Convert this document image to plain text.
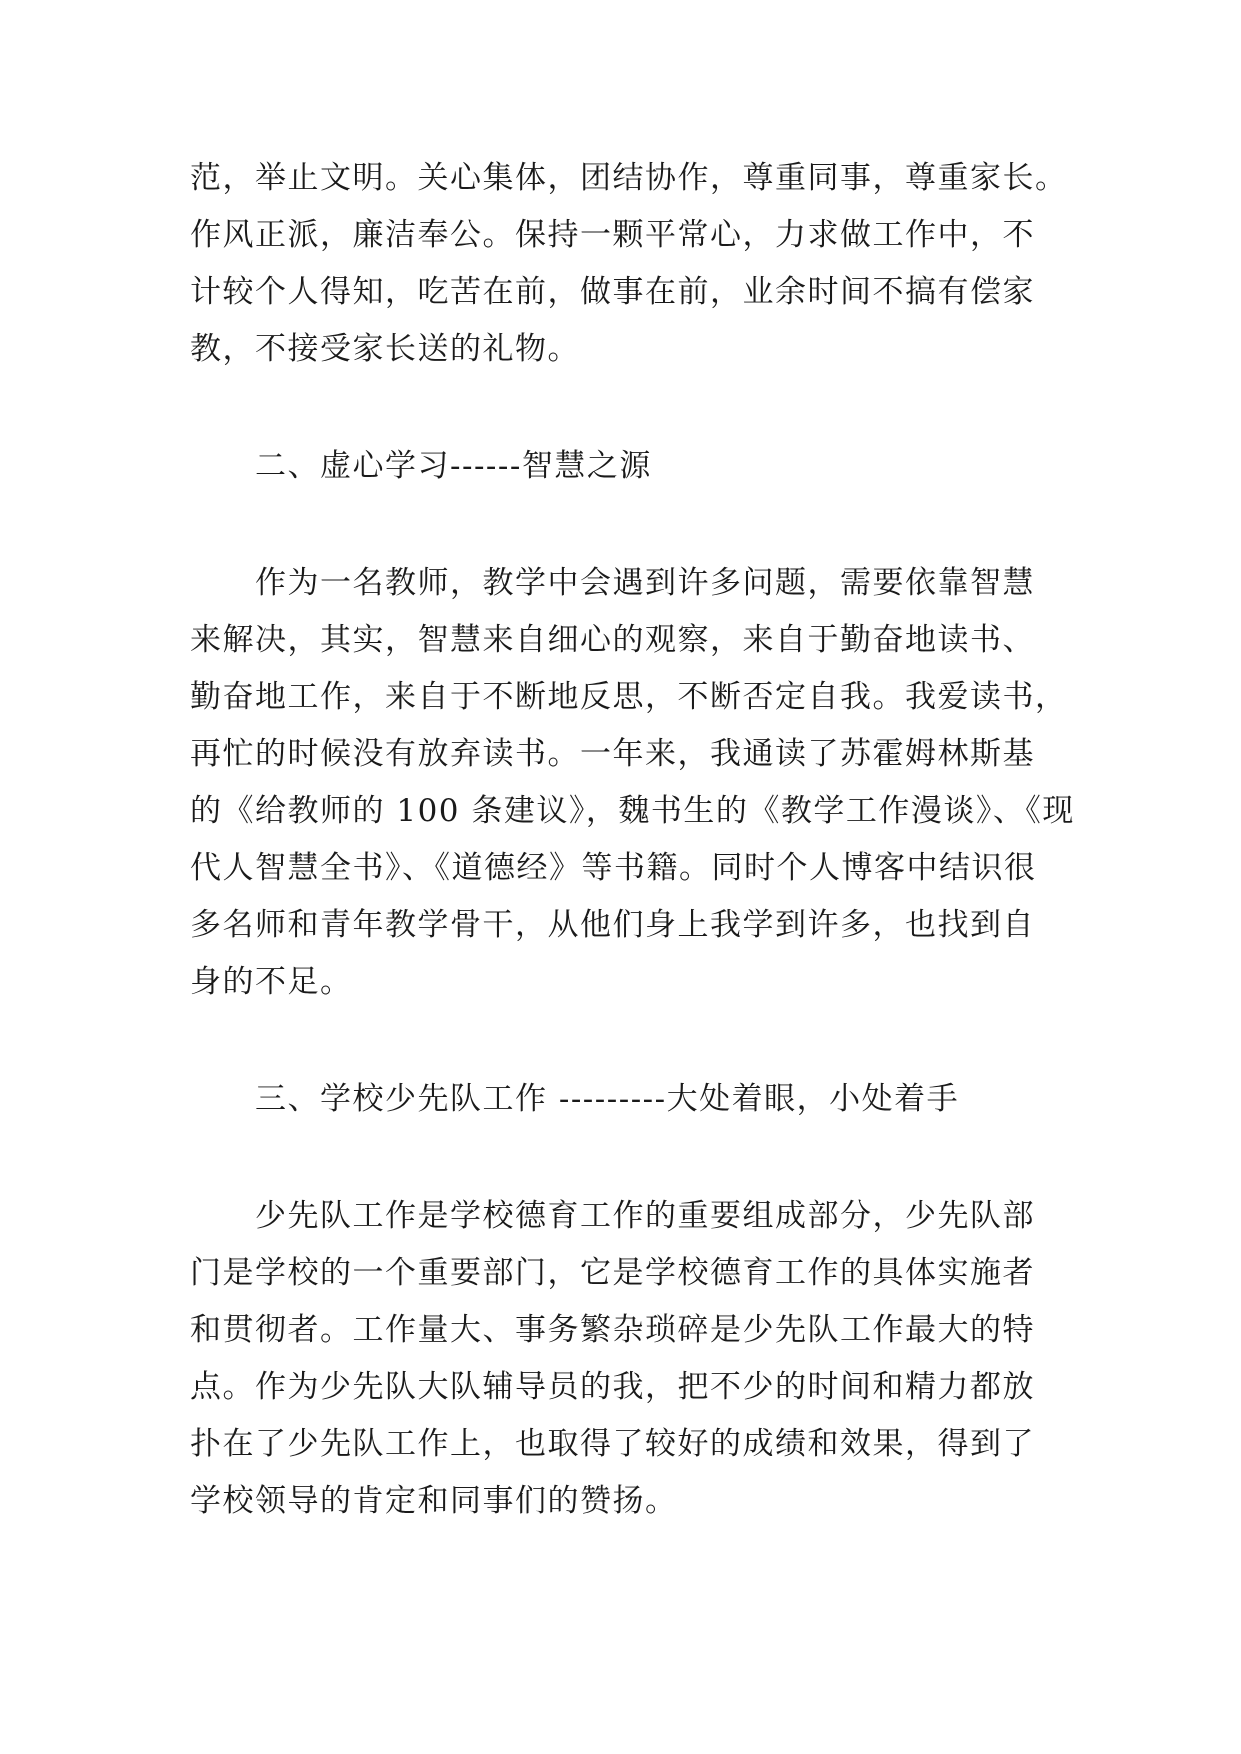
范，举止文明。关心集体，团结协作，尊重同事，尊重家长。
作风正派，廉洁奉公。保持一颗平常心，力求做工作中，不
计较个人得知，吃苦在前，做事在前，业余时间不搞有偿家
教，不接受家长送的礼物。
二、虚心学习------智慧之源
　　作为一名教师，教学中会遇到许多问题，需要依靠智慧
来解决，其实，智慧来自细心的观察，来自于勤奋地读书、
勤奋地工作，来自于不断地反思，不断否定自我。我爱读书，
再忙的时候没有放弃读书。一年来，我通读了苏霍姆林斯基
的《给教师的 100 条建议》，魏书生的《教学工作漫谈》、《现
代人智慧全书》、《道德经》等书籍。同时个人博客中结识很
多名师和青年教学骨干，从他们身上我学到许多，也找到自
身的不足。
三、学校少先队工作 ---------大处着眼，小处着手
　　少先队工作是学校德育工作的重要组成部分，少先队部
门是学校的一个重要部门，它是学校德育工作的具体实施者
和贯彻者。工作量大、事务繁杂琐碎是少先队工作最大的特
点。作为少先队大队辅导员的我，把不少的时间和精力都放
扑在了少先队工作上，也取得了较好的成绩和效果，得到了
学校领导的肯定和同事们的赞扬。
